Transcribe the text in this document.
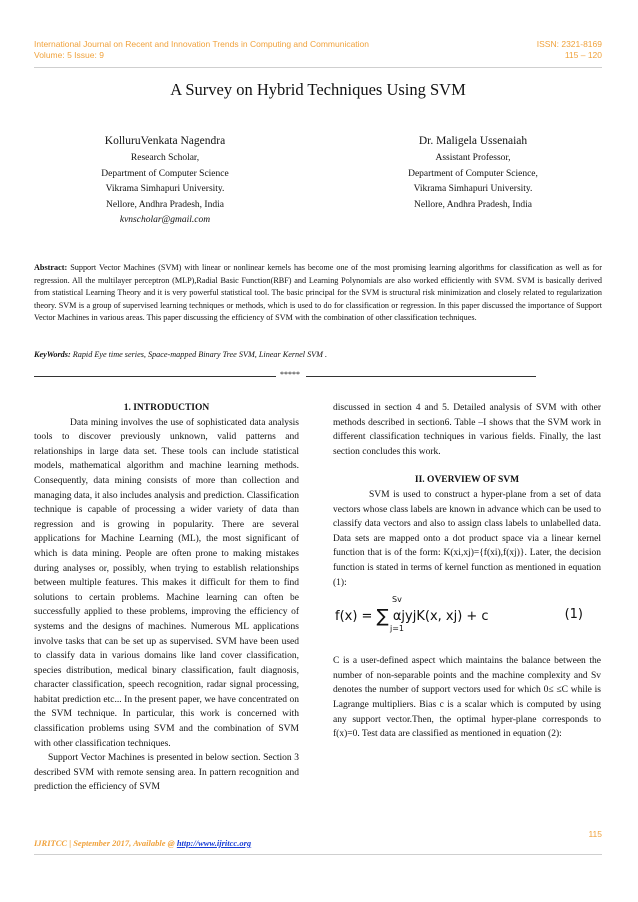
International Journal on Recent and Innovation Trends in Computing and Communication	ISSN: 2321-8169
Volume: 5 Issue: 9	115 – 120
A Survey on Hybrid Techniques Using SVM
KolluruVenkata Nagendra
Research Scholar,
Department of Computer Science
Vikrama Simhapuri University.
Nellore, Andhra Pradesh, India
kvnscholar@gmail.com
Dr. Maligela Ussenaiah
Assistant Professor,
Department of Computer Science,
Vikrama Simhapuri University.
Nellore, Andhra Pradesh, India
Abstract: Support Vector Machines (SVM) with linear or nonlinear kernels has become one of the most promising learning algorithms for classification as well as for regression. All the multilayer perceptron (MLP),Radial Basic Function(RBF) and Learning Polynomials are also worked efficiently with SVM. SVM is basically derived from statistical Learning Theory and it is very powerful statistical tool. The basic principal for the SVM is structural risk minimization and closely related to regularization theory. SVM is a group of supervised learning techniques or methods, which is used to do for classification or regression. In this paper discussed the importance of Support Vector Machines in various areas. This paper discussing the efficiency of SVM with the combination of other classification techniques.
KeyWords: Rapid Eye time series, Space-mapped Binary Tree SVM, Linear Kernel SVM .
*****
1. INTRODUCTION

Data mining involves the use of sophisticated data analysis tools to discover previously unknown, valid patterns and relationships in large data set. These tools can include statistical models, mathematical algorithm and machine learning methods. Consequently, data mining consists of more than collection and managing data, it also includes analysis and prediction. Classification technique is capable of processing a wider variety of data than regression and is growing in popularity. There are several applications for Machine Learning (ML), the most significant of which is data mining. People are often prone to making mistakes during analyses or, possibly, when trying to establish relationships between multiple features. This makes it difficult for them to find solutions to certain problems. Machine learning can often be successfully applied to these problems, improving the efficiency of systems and the designs of machines. Numerous ML applications involve tasks that can be set up as supervised. SVM have been used to classify data in various domains like land cover classification, species distribution, medical binary classification, fault diagnosis, character classification, speech recognition, radar signal processing, habitat prediction etc... In the present paper, we have concentrated on the SVM technique. In particular, this work is concerned with classification problems using SVM and the combination of SVM with other classification techniques.

Support Vector Machines is presented in below section. Section 3 described SVM with remote sensing area. In pattern recognition and prediction the efficiency of SVM

discussed in section 4 and 5. Detailed analysis of SVM with other methods described in section6. Table –I shows that the SVM work in different classification techniques in various fields. Finally, the last section concludes this work.

II. OVERVIEW OF SVM

SVM is used to construct a hyper-plane from a set of data vectors whose class labels are known in advance which can be used to classify data vectors and also to assign class labels to unlabelled data. Data sets are mapped onto a dot product space via a linear kernel function that is of the form: K(xi,xj)={f(xi),f(xj)}. Later, the decision function is stated in terms of kernel function as mentioned in equation (1):

f(x) = ∑ αjyjK(x, xj) + c
Sv
j=1
(1)

C is a user-defined aspect which maintains the balance between the number of non-separable points and the machine complexity and Sv denotes the number of support vectors used for which 0≤ ≤C while is Lagrange multipliers. Bias c is a scalar which is computed by using any support vector.Then, the optimal hyper-plane corresponds to f(x)=0. Test data are classified as mentioned in equation (2):

115
IJRITCC | September 2017, Available @ http://www.ijritcc.org
